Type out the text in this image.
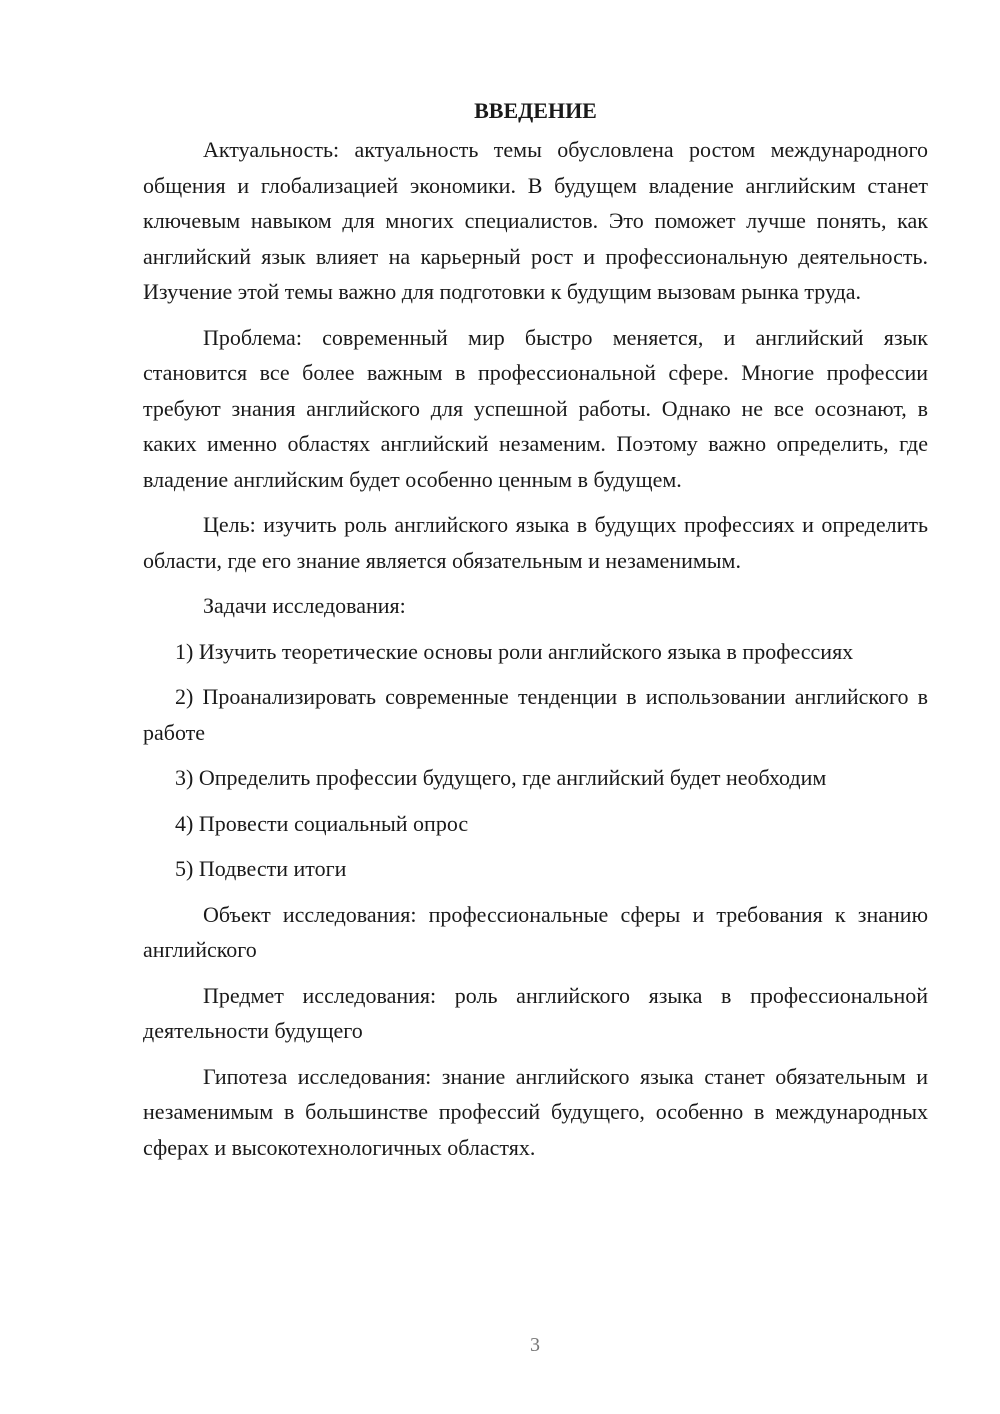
ВВЕДЕНИЕ

Актуальность: актуальность темы обусловлена ростом международного общения и глобализацией экономики. В будущем владение английским станет ключевым навыком для многих специалистов. Это поможет лучше понять, как английский язык влияет на карьерный рост и профессиональную деятельность. Изучение этой темы важно для подготовки к будущим вызовам рынка труда.

Проблема: современный мир быстро меняется, и английский язык становится все более важным в профессиональной сфере. Многие профессии требуют знания английского для успешной работы. Однако не все осознают, в каких именно областях английский незаменим. Поэтому важно определить, где владение английским будет особенно ценным в будущем.

Цель: изучить роль английского языка в будущих профессиях и определить области, где его знание является обязательным и незаменимым.

Задачи исследования:

1) Изучить теоретические основы роли английского языка в профессиях

2) Проанализировать современные тенденции в использовании английского в работе

3) Определить профессии будущего, где английский будет необходим

4) Провести социальный опрос

5) Подвести итоги

Объект исследования: профессиональные сферы и требования к знанию английского

Предмет исследования: роль английского языка в профессиональной деятельности будущего

Гипотеза исследования: знание английского языка станет обязательным и незаменимым в большинстве профессий будущего, особенно в международных сферах и высокотехнологичных областях.

3
